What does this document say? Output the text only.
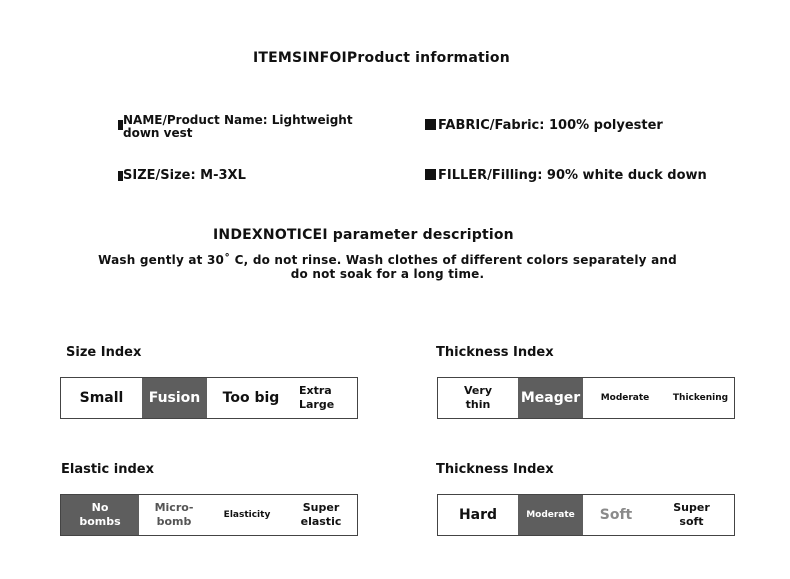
ITEMSINFOIProduct information
NAME/Product Name: Lightweight down vest	FABRIC/Fabric: 100% polyester
SIZE/Size: M-3XL	FILLER/Filling: 90% white duck down
INDEXNOTICEI parameter description
Wash gently at 30˚ C, do not rinse. Wash clothes of different colors separately and do not soak for a long time.
Size Index	Thickness Index
Elastic index	Thickness Index
Small	Fusion	Too big	Extra
Large
Very
thin	Meager	Moderate	Thickening
No
bombs
Micro-
bomb	Elasticity
Super
elastic	Hard	Moderate	Soft	Super
soft
